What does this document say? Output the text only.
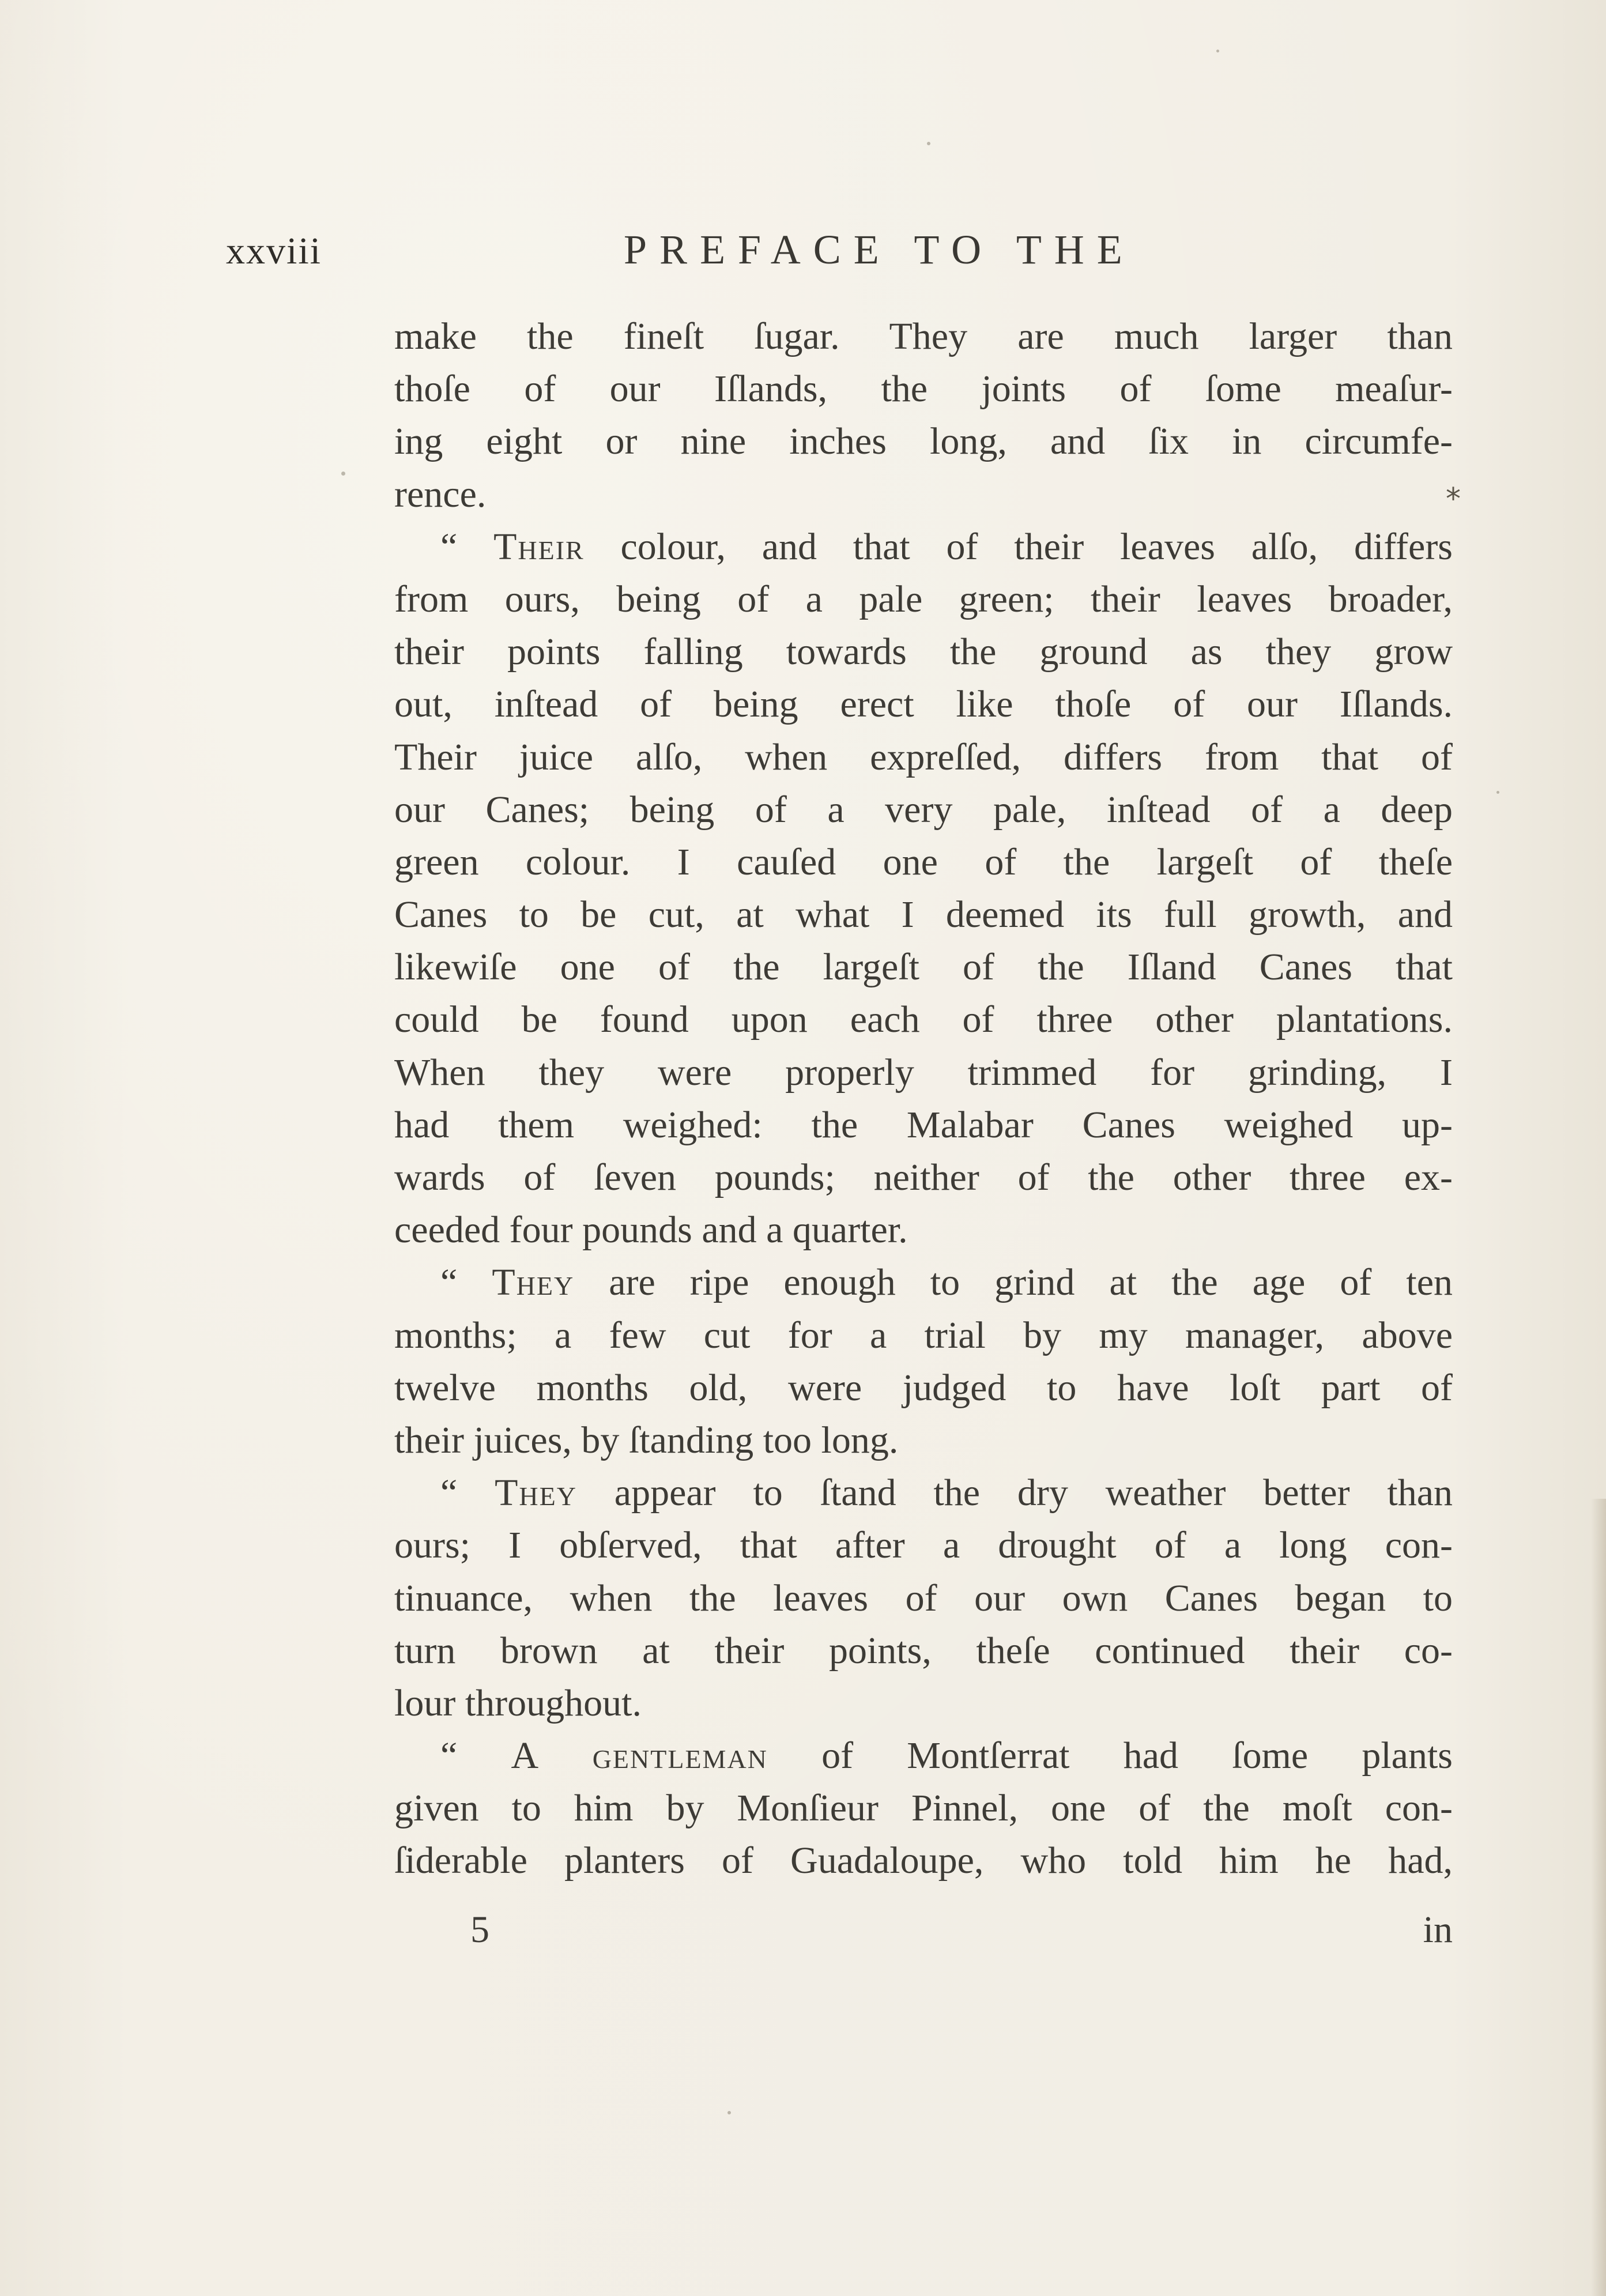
xxviii	PREFACE TO THE
*
make the fineſt ſugar. They are much larger than
thoſe of our Iſlands, the joints of ſome meaſur-
ing eight or nine inches long, and ſix in circumfe-
rence.
“ Their colour, and that of their leaves alſo, differs
from ours, being of a pale green; their leaves broader,
their points falling towards the ground as they grow
out, inſtead of being erect like thoſe of our Iſlands.
Their juice alſo, when expreſſed, differs from that of
our Canes; being of a very pale, inſtead of a deep
green colour. I cauſed one of the largeſt of theſe
Canes to be cut, at what I deemed its full growth, and
likewiſe one of the largeſt of the Iſland Canes that
could be found upon each of three other plantations.
When they were properly trimmed for grinding, I
had them weighed: the Malabar Canes weighed up-
wards of ſeven pounds; neither of the other three ex-
ceeded four pounds and a quarter.
“ They are ripe enough to grind at the age of ten
months; a few cut for a trial by my manager, above
twelve months old, were judged to have loſt part of
their juices, by ſtanding too long.
“ They appear to ſtand the dry weather better than
ours; I obſerved, that after a drought of a long con-
tinuance, when the leaves of our own Canes began to
turn brown at their points, theſe continued their co-
lour throughout.
“ A gentleman of Montſerrat had ſome plants
given to him by Monſieur Pinnel, one of the moſt con-
ſiderable planters of Guadaloupe, who told him he had,
5	in
